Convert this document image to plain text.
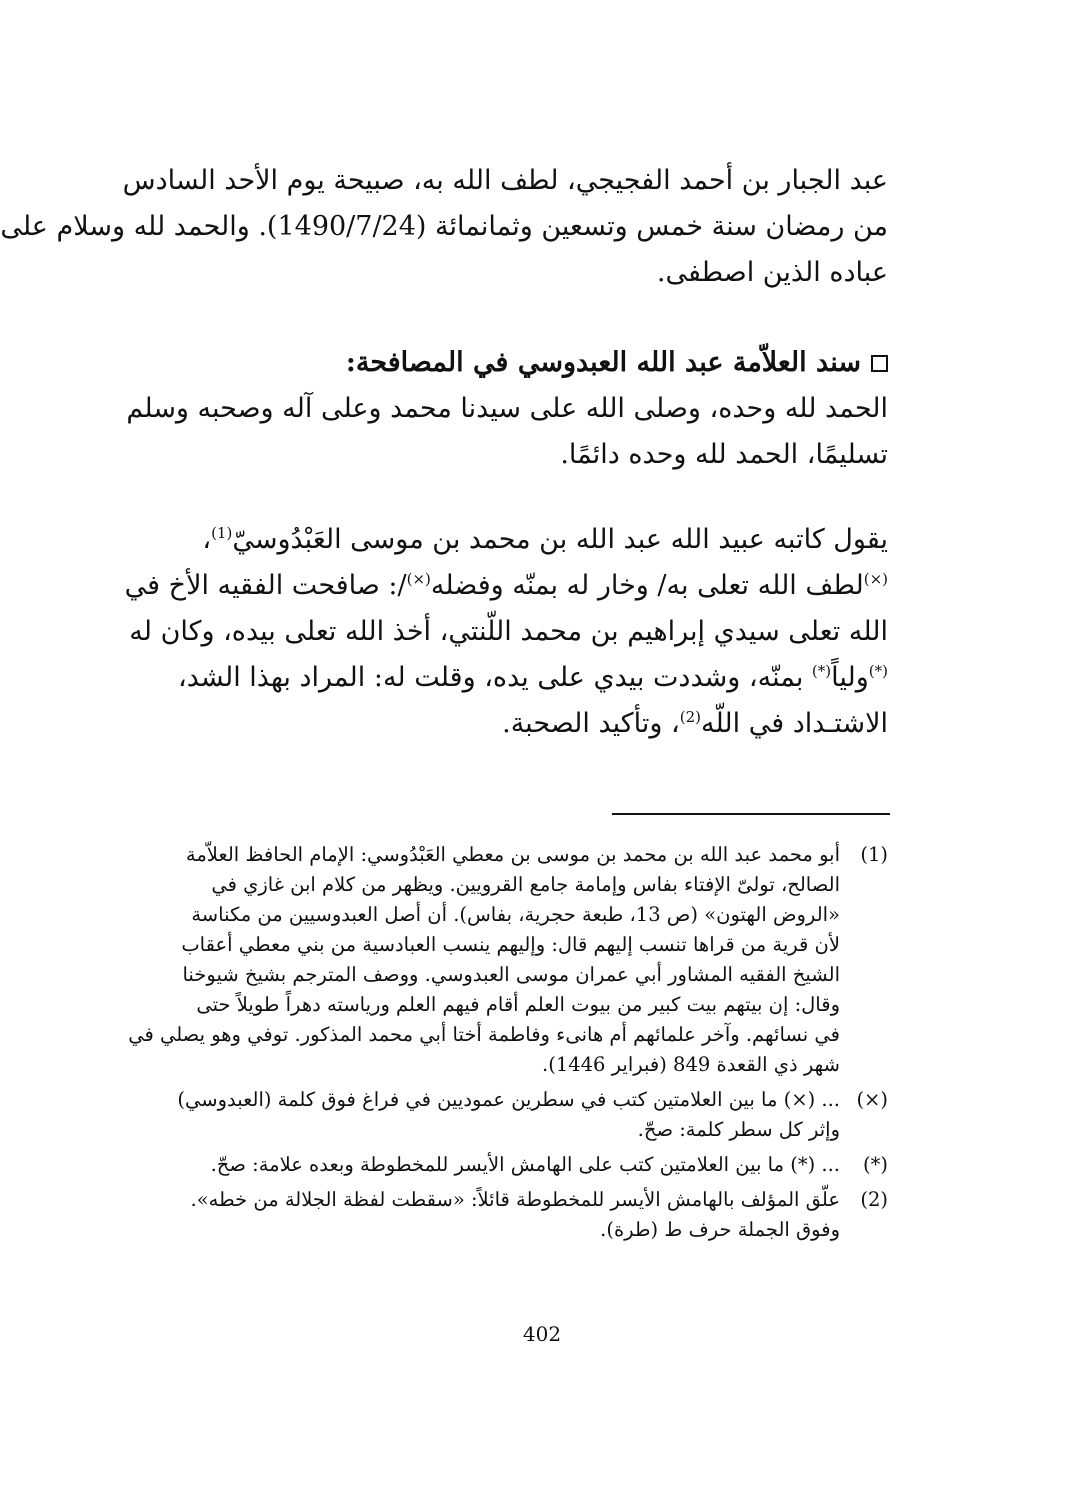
عبد الجبار بن أحمد الفجيجي، لطف الله به، صبيحة يوم الأحد السادس
من رمضان سنة خمس وتسعين وثمانمائة (1490/7/24). والحمد لله وسلام على
عباده الذين اصطفى.
سند العلاّمة عبد الله العبدوسي في المصافحة:
الحمد لله وحده، وصلى الله على سيدنا محمد وعلى آله وصحبه وسلم
تسليمًا، الحمد لله وحده دائمًا.
يقول كاتبه عبيد الله عبد الله بن محمد بن موسى العَبْدُوسيّ$^{(1)}$،
(×)لطف الله تعلى به/ وخار له بمنّه وفضله(×)/: صافحت الفقيه الأخ في
الله تعلى سيدي إبراهيم بن محمد اللّنتي، أخذ الله تعلى بيده، وكان له
(*)ولياً(*) بمنّه، وشددت بيدي على يده، وقلت له: المراد بهذا الشد،
الاشتـداد في اللّه$^{(2)}$، وتأكيد الصحبة.
(1)
أبو محمد عبد الله بن محمد بن موسى بن معطي العَبْدُوسي: الإمام الحافظ العلاّمة
الصالح، تولىّ الإفتاء بفاس وإمامة جامع القرويين. ويظهر من كلام ابن غازي في
«الروض الهتون» (ص 13، طبعة حجرية، بفاس). أن أصل العبدوسيين من مكناسة
لأن قرية من قراها تنسب إليهم قال: وإليهم ينسب العبادسية من بني معطي أعقاب
الشيخ الفقيه المشاور أبي عمران موسى العبدوسي. ووصف المترجم بشيخ شيوخنا
وقال: إن بيتهم بيت كبير من بيوت العلم أقام فيهم العلم ورياسته دهراً طويلاً حتى
في نسائهم. وآخر علمائهم أم هانىء وفاطمة أختا أبي محمد المذكور. توفي وهو يصلي في
شهر ذي القعدة 849 (فبراير 1446).
(×)
... (×) ما بين العلامتين كتب في سطرين عموديين في فراغ فوق كلمة (العبدوسي)
وإثر كل سطر كلمة: صحّ.
(*)
... (*) ما بين العلامتين كتب على الهامش الأيسر للمخطوطة وبعده علامة: صحّ.
(2)
علّق المؤلف بالهامش الأيسر للمخطوطة قائلاً: «سقطت لفظة الجلالة من خطه».
وفوق الجملة حرف ط (طرة).
402
